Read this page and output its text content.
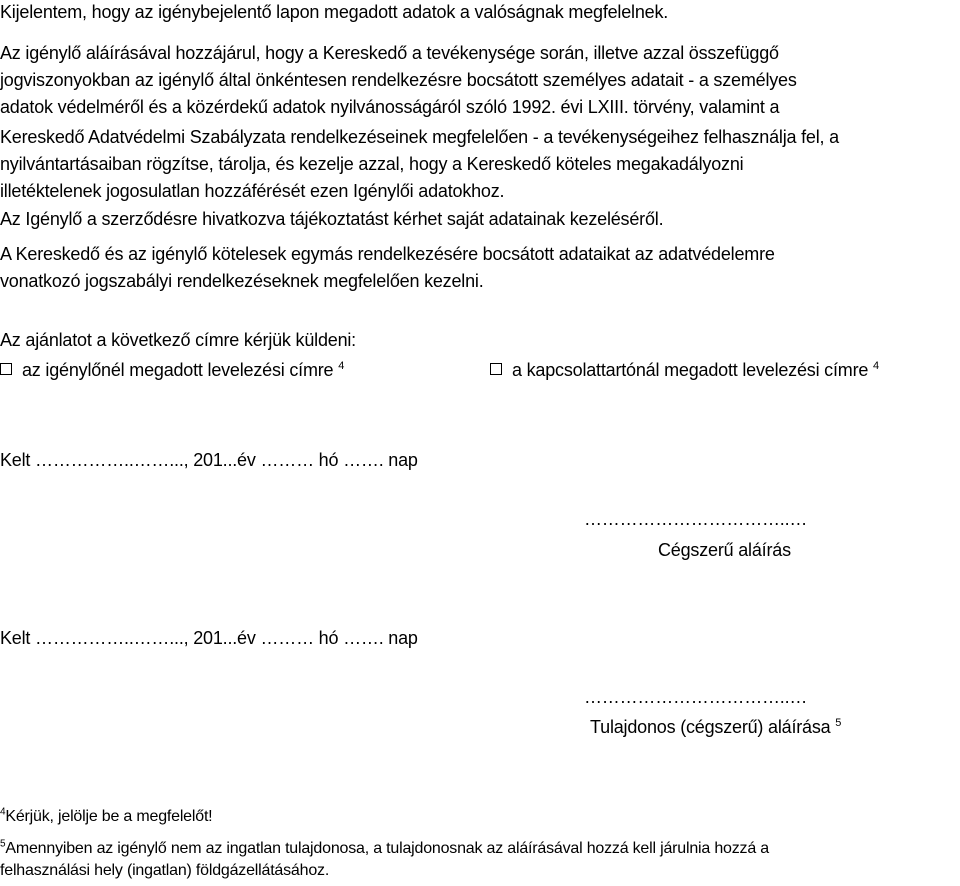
Kijelentem, hogy az igénybejelentő lapon megadott adatok a valóságnak megfelelnek.
Az igénylő aláírásával hozzájárul, hogy a Kereskedő a tevékenysége során, illetve azzal összefüggő
jogviszonyokban az igénylő által önkéntesen rendelkezésre bocsátott személyes adatait - a személyes
adatok védelméről és a közérdekű adatok nyilvánosságáról szóló 1992. évi LXIII. törvény, valamint a
Kereskedő Adatvédelmi Szabályzata rendelkezéseinek megfelelően - a tevékenységeihez felhasználja fel, a
nyilvántartásaiban rögzítse, tárolja, és kezelje azzal, hogy a Kereskedő köteles megakadályozni
illetéktelenek jogosulatlan hozzáférését ezen Igénylői adatokhoz.
Az Igénylő a szerződésre hivatkozva tájékoztatást kérhet saját adatainak kezeléséről.
A Kereskedő és az igénylő kötelesek egymás rendelkezésére bocsátott adataikat az adatvédelemre
vonatkozó jogszabályi rendelkezéseknek megfelelően kezelni.
Az ajánlatot a következő címre kérjük küldeni:
az igénylőnél megadott levelezési címre $^4$	a kapcsolattartónál megadott levelezési címre $^4$
Kelt ……………..……..., 201...év ……… hó ……. nap
……………………………..…
Cégszerű aláírás
Kelt ……………..……..., 201...év ……… hó ……. nap
……………………………..…
Tulajdonos (cégszerű) aláírása $^5$
$^4$Kérjük, jelölje be a megfelelőt!
$^5$Amennyiben az igénylő nem az ingatlan tulajdonosa, a tulajdonosnak az aláírásával hozzá kell járulnia hozzá a
felhasználási hely (ingatlan) földgázellátásához.
